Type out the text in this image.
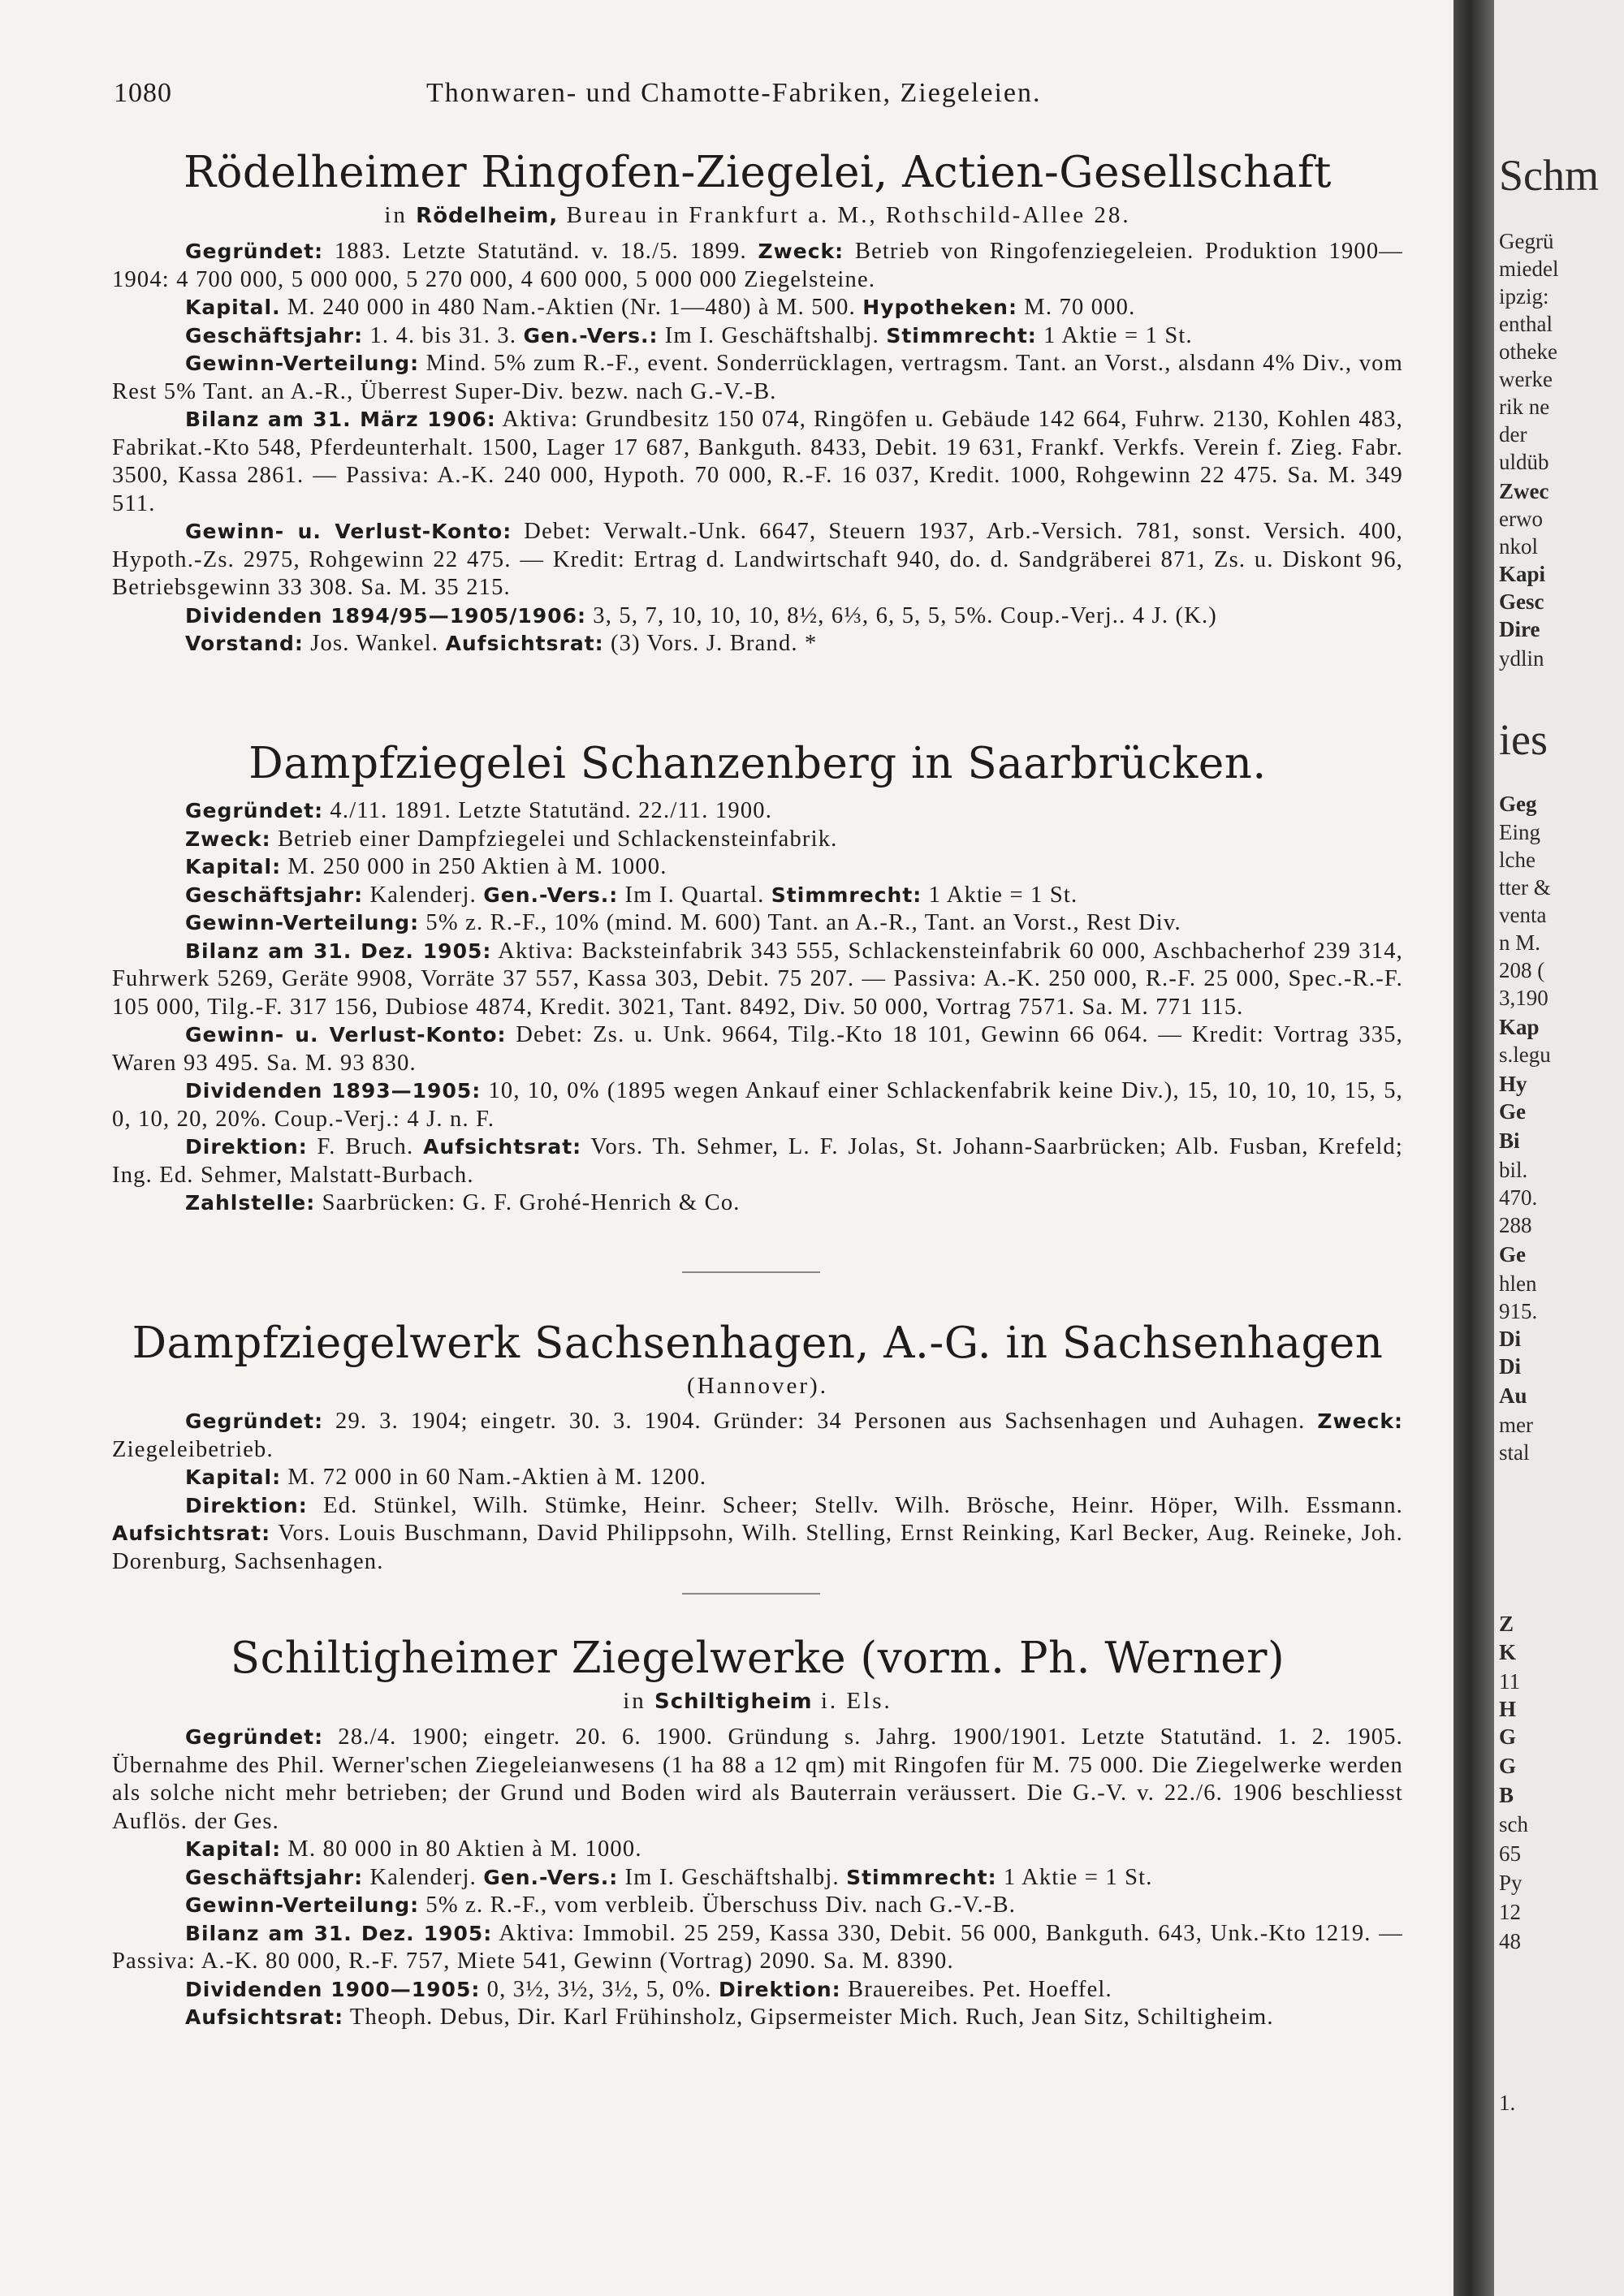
1080	Thonwaren- und Chamotte-Fabriken, Ziegeleien.
Rödelheimer Ringofen-Ziegelei, Actien-Gesellschaft
in Rödelheim, Bureau in Frankfurt a. M., Rothschild-Allee 28.

Gegründet: 1883. Letzte Statutänd. v. 18./5. 1899. Zweck: Betrieb von Ringofenziegeleien. Produktion 1900—1904: 4 700 000, 5 000 000, 5 270 000, 4 600 000, 5 000 000 Ziegelsteine.

Kapital. M. 240 000 in 480 Nam.-Aktien (Nr. 1—480) à M. 500. Hypotheken: M. 70 000.

Geschäftsjahr: 1. 4. bis 31. 3. Gen.-Vers.: Im I. Geschäftshalbj. Stimmrecht: 1 Aktie = 1 St.

Gewinn-Verteilung: Mind. 5% zum R.-F., event. Sonderrücklagen, vertragsm. Tant. an Vorst., alsdann 4% Div., vom Rest 5% Tant. an A.-R., Überrest Super-Div. bezw. nach G.-V.-B.

Bilanz am 31. März 1906: Aktiva: Grundbesitz 150 074, Ringöfen u. Gebäude 142 664, Fuhrw. 2130, Kohlen 483, Fabrikat.-Kto 548, Pferdeunterhalt. 1500, Lager 17 687, Bankguth. 8433, Debit. 19 631, Frankf. Verkfs. Verein f. Zieg. Fabr. 3500, Kassa 2861. — Passiva: A.-K. 240 000, Hypoth. 70 000, R.-F. 16 037, Kredit. 1000, Rohgewinn 22 475. Sa. M. 349 511.

Gewinn- u. Verlust-Konto: Debet: Verwalt.-Unk. 6647, Steuern 1937, Arb.-Versich. 781, sonst. Versich. 400, Hypoth.-Zs. 2975, Rohgewinn 22 475. — Kredit: Ertrag d. Landwirtschaft 940, do. d. Sandgräberei 871, Zs. u. Diskont 96, Betriebsgewinn 33 308. Sa. M. 35 215.

Dividenden 1894/95—1905/1906: 3, 5, 7, 10, 10, 10, 8½, 6⅓, 6, 5, 5, 5%. Coup.-Verj.. 4 J. (K.)

Vorstand: Jos. Wankel. Aufsichtsrat: (3) Vors. J. Brand. *

Dampfziegelei Schanzenberg in Saarbrücken.

Gegründet: 4./11. 1891. Letzte Statutänd. 22./11. 1900.

Zweck: Betrieb einer Dampfziegelei und Schlackensteinfabrik.

Kapital: M. 250 000 in 250 Aktien à M. 1000.

Geschäftsjahr: Kalenderj. Gen.-Vers.: Im I. Quartal. Stimmrecht: 1 Aktie = 1 St.

Gewinn-Verteilung: 5% z. R.-F., 10% (mind. M. 600) Tant. an A.-R., Tant. an Vorst., Rest Div.

Bilanz am 31. Dez. 1905: Aktiva: Backsteinfabrik 343 555, Schlackensteinfabrik 60 000, Aschbacherhof 239 314, Fuhrwerk 5269, Geräte 9908, Vorräte 37 557, Kassa 303, Debit. 75 207. — Passiva: A.-K. 250 000, R.-F. 25 000, Spec.-R.-F. 105 000, Tilg.-F. 317 156, Dubiose 4874, Kredit. 3021, Tant. 8492, Div. 50 000, Vortrag 7571. Sa. M. 771 115.

Gewinn- u. Verlust-Konto: Debet: Zs. u. Unk. 9664, Tilg.-Kto 18 101, Gewinn 66 064. — Kredit: Vortrag 335, Waren 93 495. Sa. M. 93 830.

Dividenden 1893—1905: 10, 10, 0% (1895 wegen Ankauf einer Schlackenfabrik keine Div.), 15, 10, 10, 10, 15, 5, 0, 10, 20, 20%. Coup.-Verj.: 4 J. n. F.

Direktion: F. Bruch. Aufsichtsrat: Vors. Th. Sehmer, L. F. Jolas, St. Johann-Saarbrücken; Alb. Fusban, Krefeld; Ing. Ed. Sehmer, Malstatt-Burbach.

Zahlstelle: Saarbrücken: G. F. Grohé-Henrich & Co.

Dampfziegelwerk Sachsenhagen, A.-G. in Sachsenhagen
(Hannover).

Gegründet: 29. 3. 1904; eingetr. 30. 3. 1904. Gründer: 34 Personen aus Sachsenhagen und Auhagen. Zweck: Ziegeleibetrieb.

Kapital: M. 72 000 in 60 Nam.-Aktien à M. 1200.

Direktion: Ed. Stünkel, Wilh. Stümke, Heinr. Scheer; Stellv. Wilh. Brösche, Heinr. Höper, Wilh. Essmann. Aufsichtsrat: Vors. Louis Buschmann, David Philippsohn, Wilh. Stelling, Ernst Reinking, Karl Becker, Aug. Reineke, Joh. Dorenburg, Sachsenhagen.

Schiltigheimer Ziegelwerke (vorm. Ph. Werner)
in Schiltigheim i. Els.

Gegründet: 28./4. 1900; eingetr. 20. 6. 1900. Gründung s. Jahrg. 1900/1901. Letzte Statutänd. 1. 2. 1905. Übernahme des Phil. Werner'schen Ziegeleianwesens (1 ha 88 a 12 qm) mit Ringofen für M. 75 000. Die Ziegelwerke werden als solche nicht mehr betrieben; der Grund und Boden wird als Bauterrain veräussert. Die G.-V. v. 22./6. 1906 beschliesst Auflös. der Ges.

Kapital: M. 80 000 in 80 Aktien à M. 1000.

Geschäftsjahr: Kalenderj. Gen.-Vers.: Im I. Geschäftshalbj. Stimmrecht: 1 Aktie = 1 St.

Gewinn-Verteilung: 5% z. R.-F., vom verbleib. Überschuss Div. nach G.-V.-B.

Bilanz am 31. Dez. 1905: Aktiva: Immobil. 25 259, Kassa 330, Debit. 56 000, Bankguth. 643, Unk.-Kto 1219. — Passiva: A.-K. 80 000, R.-F. 757, Miete 541, Gewinn (Vortrag) 2090. Sa. M. 8390.

Dividenden 1900—1905: 0, 3½, 3½, 3½, 5, 0%. Direktion: Brauereibes. Pet. Hoeffel.

Aufsichtsrat: Theoph. Debus, Dir. Karl Frühinsholz, Gipsermeister Mich. Ruch, Jean Sitz, Schiltigheim.

Schm
Gegrü
miedel
ipzig:
enthal
otheke
werke
rik ne
der
uldüb
Zwec
erwo
nkol
Kapi
Gesc
Dire
ydlin
ies
Geg
Eing
lche
tter &
venta
n M.
208 (
3,190
Kap
s.legu
Hy
Ge
Bi
bil.
470.
288
Ge
hlen
915.
Di
Di
Au
mer
stal
Z
K
11
H
G
G
B
sch
65
Py
12
48
1.
